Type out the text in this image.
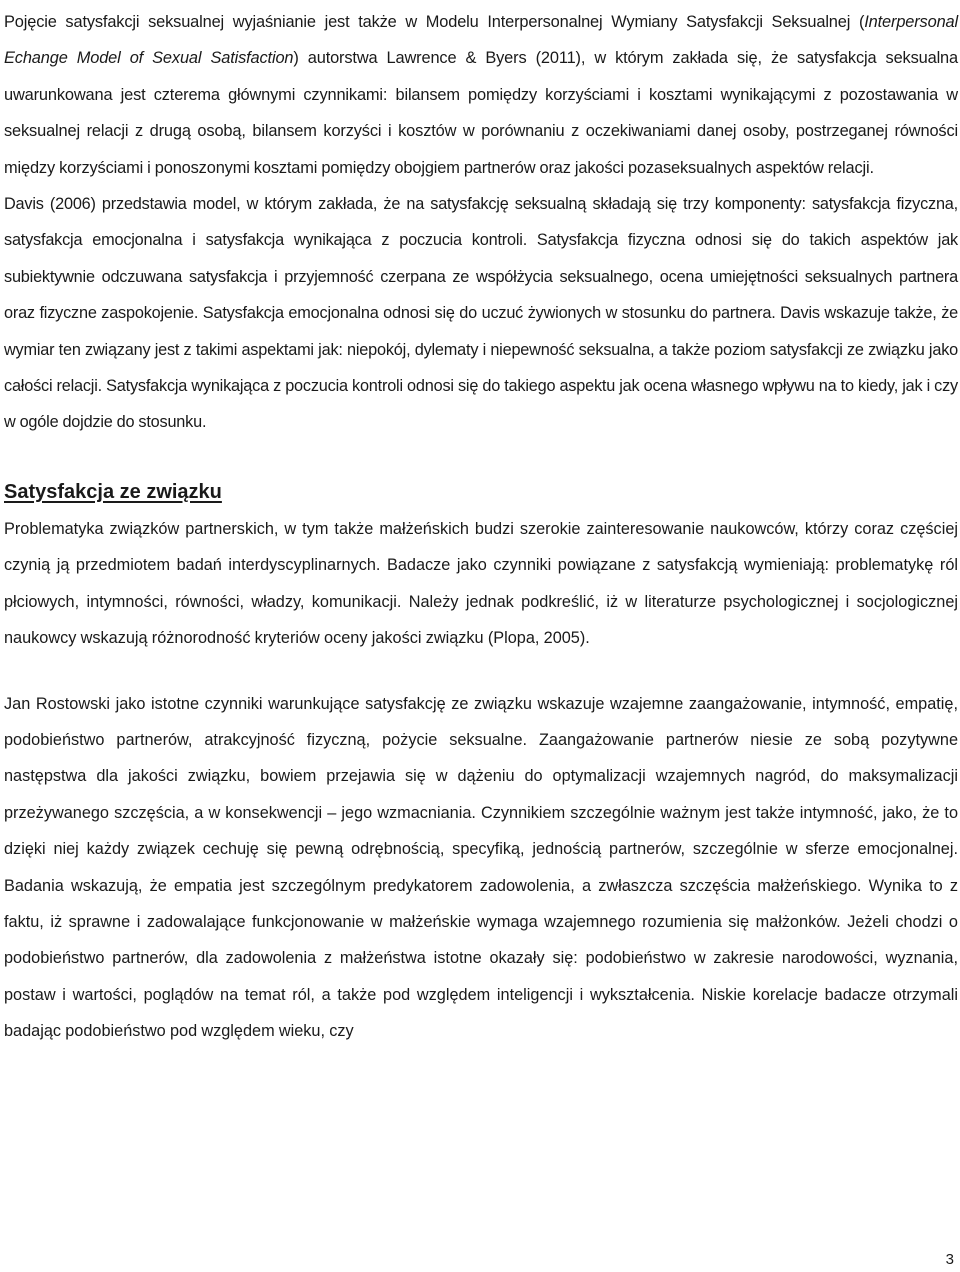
Pojęcie satysfakcji seksualnej wyjaśnianie jest także w Modelu Interpersonalnej Wymiany Satysfakcji Seksualnej (Interpersonal Echange Model of Sexual Satisfaction) autorstwa Lawrence & Byers (2011), w którym zakłada się, że satysfakcja seksualna uwarunkowana jest czterema głównymi czynnikami: bilansem pomiędzy korzyściami i kosztami wynikającymi z pozostawania w seksualnej relacji z drugą osobą, bilansem korzyści i kosztów w porównaniu z oczekiwaniami danej osoby, postrzeganej równości między korzyściami i ponoszonymi kosztami pomiędzy obojgiem partnerów oraz jakości pozaseksualnych aspektów relacji.

Davis (2006) przedstawia model, w którym zakłada, że na satysfakcję seksualną składają się trzy komponenty: satysfakcja fizyczna, satysfakcja emocjonalna i satysfakcja wynikająca z poczucia kontroli. Satysfakcja fizyczna odnosi się do takich aspektów jak subiektywnie odczuwana satysfakcja i przyjemność czerpana ze współżycia seksualnego, ocena umiejętności seksualnych partnera oraz fizyczne zaspokojenie. Satysfakcja emocjonalna odnosi się do uczuć żywionych w stosunku do partnera. Davis wskazuje także, że wymiar ten związany jest z takimi aspektami jak: niepokój, dylematy i niepewność seksualna, a także poziom satysfakcji ze związku jako całości relacji. Satysfakcja wynikająca z poczucia kontroli odnosi się do takiego aspektu jak ocena własnego wpływu na to kiedy, jak i czy w ogóle dojdzie do stosunku.

Satysfakcja ze związku

Problematyka związków partnerskich, w tym także małżeńskich budzi szerokie zainteresowanie naukowców, którzy coraz częściej czynią ją przedmiotem badań interdyscyplinarnych. Badacze jako czynniki powiązane z satysfakcją wymieniają: problematykę ról płciowych, intymności, równości, władzy, komunikacji. Należy jednak podkreślić, iż w literaturze psychologicznej i socjologicznej naukowcy wskazują różnorodność kryteriów oceny jakości związku (Plopa, 2005).

Jan Rostowski jako istotne czynniki warunkujące satysfakcję ze związku wskazuje wzajemne zaangażowanie, intymność, empatię, podobieństwo partnerów, atrakcyjność fizyczną, pożycie seksualne. Zaangażowanie partnerów niesie ze sobą pozytywne następstwa dla jakości związku, bowiem przejawia się w dążeniu do optymalizacji wzajemnych nagród, do maksymalizacji przeżywanego szczęścia, a w konsekwencji – jego wzmacniania. Czynnikiem szczególnie ważnym jest także intymność, jako, że to dzięki niej każdy związek cechuję się pewną odrębnością, specyfiką, jednością partnerów, szczególnie w sferze emocjonalnej. Badania wskazują, że empatia jest szczególnym predykatorem zadowolenia, a zwłaszcza szczęścia małżeńskiego. Wynika to z faktu, iż sprawne i zadowalające funkcjonowanie w małżeńskie wymaga wzajemnego rozumienia się małżonków. Jeżeli chodzi o podobieństwo partnerów, dla zadowolenia z małżeństwa istotne okazały się: podobieństwo w zakresie narodowości, wyznania, postaw i wartości, poglądów na temat ról, a także pod względem inteligencji i wykształcenia. Niskie korelacje badacze otrzymali badając podobieństwo pod względem wieku, czy

3
